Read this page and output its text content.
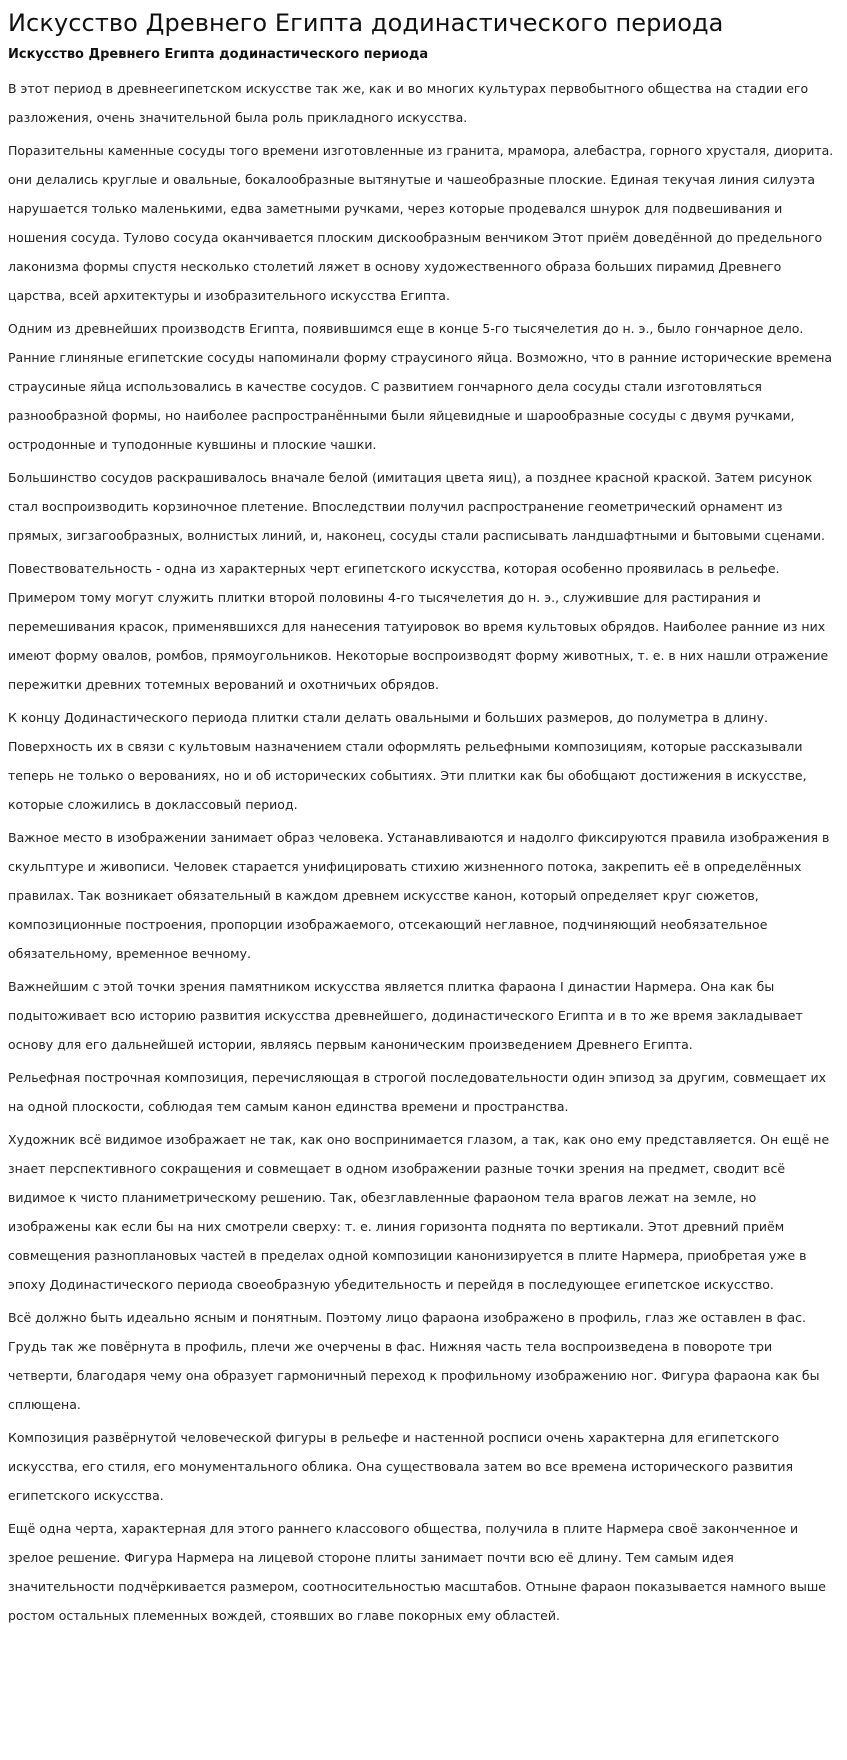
Искусство Древнего Египта додинастического периода
Искусство Древнего Египта додинастического периода

В этот период в древнеегипетском искусстве так же, как и во многих культурах первобытного общества на стадии его разложения, очень значительной была роль прикладного искусства.

Поразительны каменные сосуды того времени изготовленные из гранита, мрамора, алебастра, горного хрусталя, диорита. они делались круглые и овальные, бокалообразные вытянутые и чашеобразные плоские. Единая текучая линия силуэта нарушается только маленькими, едва заметными ручками, через которые продевался шнурок для подвешивания и ношения сосуда. Тулово сосуда оканчивается плоским дискообразным венчиком Этот приём доведённой до предельного лаконизма формы спустя несколько столетий ляжет в основу художественного образа больших пирамид Древнего царства, всей архитектуры и изобразительного искусства Египта.

Одним из древнейших производств Египта, появившимся еще в конце 5-го тысячелетия до н. э., было гончарное дело. Ранние глиняные египетские сосуды напоминали форму страусиного яйца. Возможно, что в ранние исторические времена страусиные яйца использовались в качестве сосудов. С развитием гончарного дела сосуды стали изготовляться разнообразной формы, но наиболее распространёнными были яйцевидные и шарообразные сосуды с двумя ручками, остродонные и туподонные кувшины и плоские чашки.

Большинство сосудов раскрашивалось вначале белой (имитация цвета яиц), а позднее красной краской. Затем рисунок стал воспроизводить корзиночное плетение. Впоследствии получил распространение геометрический орнамент из прямых, зигзагообразных, волнистых линий, и, наконец, сосуды стали расписывать ландшафтными и бытовыми сценами.

Повествовательность - одна из характерных черт египетского искусства, которая особенно проявилась в рельефе. Примером тому могут служить плитки второй половины 4-го тысячелетия до н. э., служившие для растирания и перемешивания красок, применявшихся для нанесения татуировок во время культовых обрядов. Наиболее ранние из них имеют форму овалов, ромбов, прямоугольников. Некоторые воспроизводят форму животных, т. е. в них нашли отражение пережитки древних тотемных верований и охотничьих обрядов.

К концу Додинастического периода плитки стали делать овальными и больших размеров, до полуметра в длину. Поверхность их в связи с культовым назначением стали оформлять рельефными композициям, которые рассказывали теперь не только о верованиях, но и об исторических событиях. Эти плитки как бы обобщают достижения в искусстве, которые сложились в доклассовый период.

Важное место в изображении занимает образ человека. Устанавливаются и надолго фиксируются правила изображения в скульптуре и живописи. Человек старается унифицировать стихию жизненного потока, закрепить её в определённых правилах. Так возникает обязательный в каждом древнем искусстве канон, который определяет круг сюжетов, композиционные построения, пропорции изображаемого, отсекающий неглавное, подчиняющий необязательное обязательному, временное вечному.

Важнейшим с этой точки зрения памятником искусства является плитка фараона I династии Нармера. Она как бы подытоживает всю историю развития искусства древнейшего, додинастического Египта и в то же время закладывает основу для его дальнейшей истории, являясь первым каноническим произведением Древнего Египта.

Рельефная построчная композиция, перечисляющая в строгой последовательности один эпизод за другим, совмещает их на одной плоскости, соблюдая тем самым канон единства времени и пространства.

Художник всё видимое изображает не так, как оно воспринимается глазом, а так, как оно ему представляется. Он ещё не знает перспективного сокращения и совмещает в одном изображении разные точки зрения на предмет, сводит всё видимое к чисто планиметрическому решению. Так, обезглавленные фараоном тела врагов лежат на земле, но изображены как если бы на них смотрели сверху: т. е. линия горизонта поднята по вертикали. Этот древний приём совмещения разноплановых частей в пределах одной композиции канонизируется в плите Нармера, приобретая уже в эпоху Додинастического периода своеобразную убедительность и перейдя в последующее египетское искусство.

Всё должно быть идеально ясным и понятным. Поэтому лицо фараона изображено в профиль, глаз же оставлен в фас. Грудь так же повёрнута в профиль, плечи же очерчены в фас. Нижняя часть тела воспроизведена в повороте три четверти, благодаря чему она образует гармоничный переход к профильному изображению ног. Фигура фараона как бы сплющена.

Композиция развёрнутой человеческой фигуры в рельефе и настенной росписи очень характерна для египетского искусства, его стиля, его монументального облика. Она существовала затем во все времена исторического развития египетского искусства.

Ещё одна черта, характерная для этого раннего классового общества, получила в плите Нармера своё законченное и зрелое решение. Фигура Нармера на лицевой стороне плиты занимает почти всю её длину. Тем самым идея значительности подчёркивается размером, соотносительностью масштабов. Отныне фараон показывается намного выше ростом остальных племенных вождей, стоявших во главе покорных ему областей.
